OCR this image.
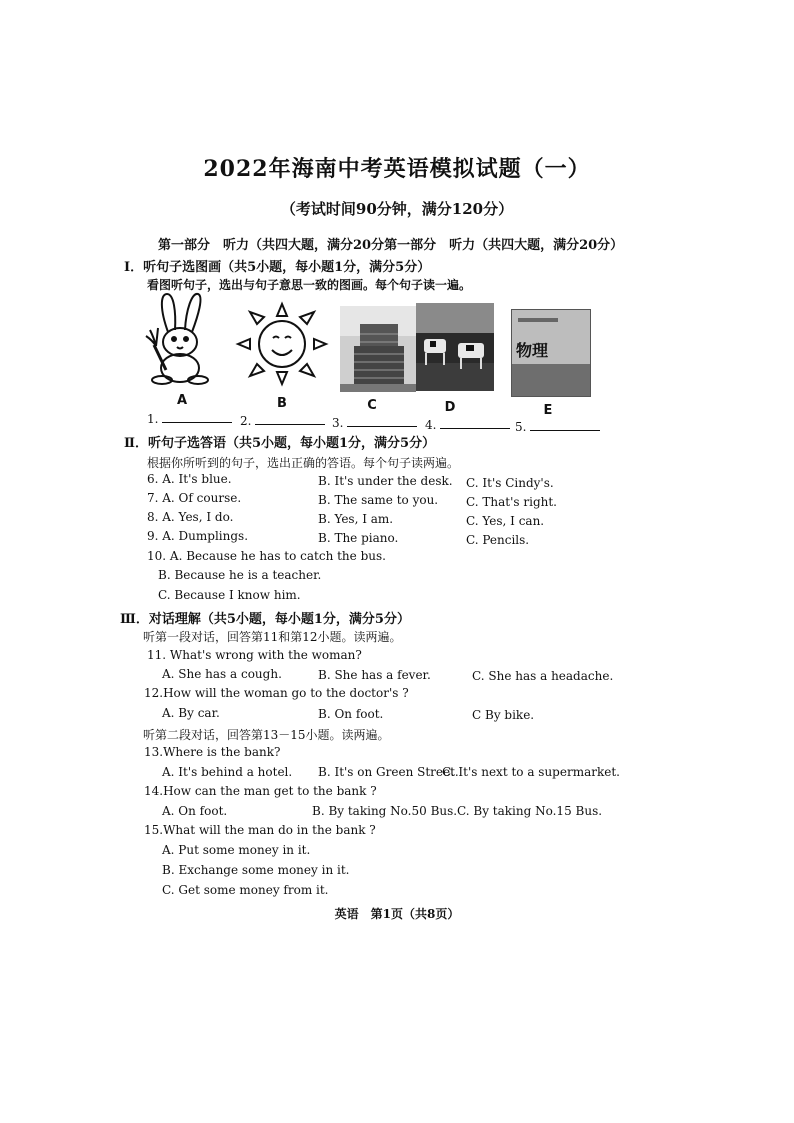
2022年海南中考英语模拟试题（一）
（考试时间90分钟，满分120分）
第一部分　听力（共四大题，满分20分第一部分　听力（共四大题，满分20分）
Ⅰ．听句子选图画（共5小题，每小题1分，满分5分）
看图听句子，选出与句子意思一致的图画。每个句子读一遍。
物理
A	B	C	D	E
1.	2.	3.	4.	5.
Ⅱ．听句子选答语（共5小题，每小题1分，满分5分）
根据你所听到的句子，选出正确的答语。每个句子读两遍。
6. A. It's blue.	B. It's under the desk. C. It's Cindy's.
7. A. Of course.	B. The same to you. C. That's right.
8. A. Yes, I do.	B. Yes, I am.	C. Yes, I can.
9. A. Dumplings.	B. The piano.	C. Pencils.
10. A. Because he has to catch the bus.
B. Because he is a teacher.
C. Because I know him.
Ⅲ．对话理解（共5小题，每小题1分，满分5分）
听第一段对话，回答第11和第12小题。读两遍。
11. What's wrong with the woman?
A. She has a cough.	B. She has a fever.	C. She has a headache.
12.How will the woman go to the doctor's ?
A. By car.	B. On foot.	C By bike.
听第二段对话，回答第13－15小题。读两遍。
13.Where is the bank?
A. It's behind a hotel. B. It's on Green Street.
C. It's next to a supermarket.
14.How can the man get to the bank ?
A. On foot.	B. By taking No.50 Bus. C. By taking No.15 Bus.
15.What will the man do in the bank ?
A. Put some money in it.
B. Exchange some money in it.
C. Get some money from it.
英语　第1页（共8页）
